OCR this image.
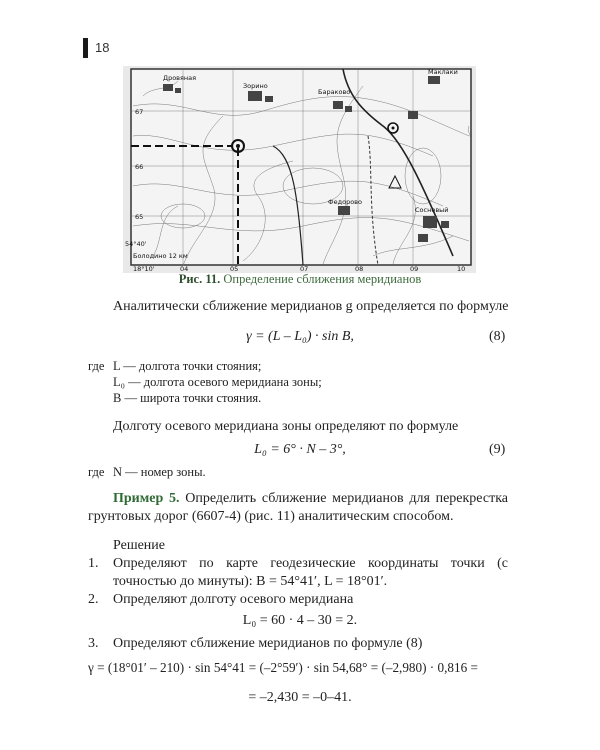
18
Дровяная
Зорино
Бараково
Федорово
Сосновый
Маклаки
66
67
65
54°40'
Болодино 12 км
18°10'	04	05	07	08	09	10
Рис. 11. Определение сближения меридианов
Аналитически сближение меридианов g определяется по формуле
γ = (L – L₀) · sin B,	(8)
где L — долгота точки стояния;
L₀ — долгота осевого меридиана зоны;
B — широта точки стояния.
Долготу осевого меридиана зоны определяют по формуле
L₀ = 6° · N – 3°,	(9)
где N — номер зоны.
Пример 5. Определить сближение меридианов для перекрестка грунтовых дорог (6607-4) (рис. 11) аналитическим способом.
Решение
1. Определяют по карте геодезические координаты точки (с точностью до минуты): B = 54°41′, L = 18°01′.
2. Определяют долготу осевого меридиана
L₀ = 60 · 4 – 30 = 2.
3. Определяют сближение меридианов по формуле (8)
γ = (18°01′ – 210) · sin 54°41 = (–2°59′) · sin 54,68° = (–2,980) · 0,816 =
= –2,430 = –0–41.
